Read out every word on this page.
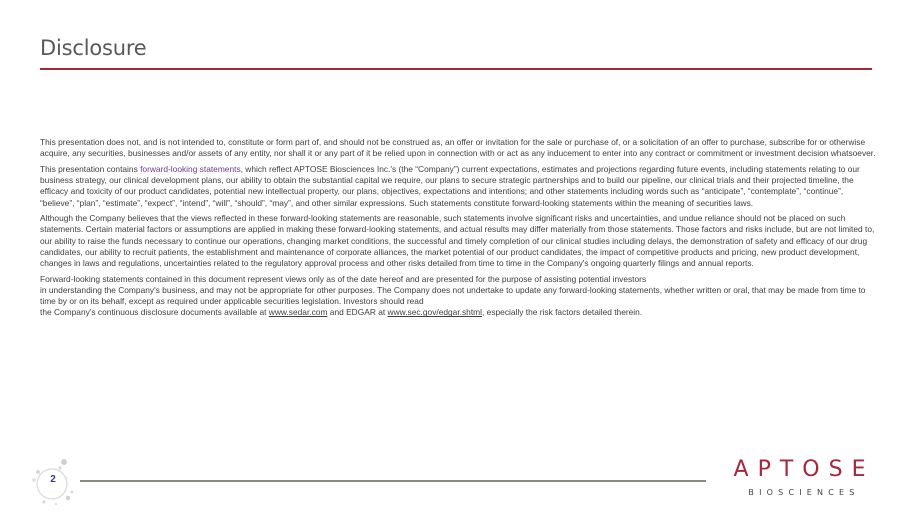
Disclosure

This presentation does not, and is not intended to, constitute or form part of, and should not be construed as, an offer or invitation for the sale or purchase of, or a solicitation of an offer to purchase, subscribe for or otherwise acquire, any securities, businesses and/or assets of any entity, nor shall it or any part of it be relied upon in connection with or act as any inducement to enter into any contract or commitment or investment decision whatsoever.

This presentation contains forward-looking statements, which reflect APTOSE Biosciences Inc.'s (the “Company”) current expectations, estimates and projections regarding future events, including statements relating to our business strategy, our clinical development plans, our ability to obtain the substantial capital we require, our plans to secure strategic partnerships and to build our pipeline, our clinical trials and their projected timeline, the efficacy and toxicity of our product candidates, potential new intellectual property, our plans, objectives, expectations and intentions; and other statements including words such as “anticipate”, “contemplate”, “continue”, “believe”, “plan”, “estimate”, “expect”, “intend”, “will”, “should”, “may”, and other similar expressions. Such statements constitute forward-looking statements within the meaning of securities laws.

Although the Company believes that the views reflected in these forward-looking statements are reasonable, such statements involve significant risks and uncertainties, and undue reliance should not be placed on such statements. Certain material factors or assumptions are applied in making these forward-looking statements, and actual results may differ materially from those statements. Those factors and risks include, but are not limited to, our ability to raise the funds necessary to continue our operations, changing market conditions, the successful and timely completion of our clinical studies including delays, the demonstration of safety and efficacy of our drug candidates, our ability to recruit patients, the establishment and maintenance of corporate alliances, the market potential of our product candidates, the impact of competitive products and pricing, new product development, changes in laws and regulations, uncertainties related to the regulatory approval process and other risks detailed from time to time in the Company's ongoing quarterly filings and annual reports.

Forward-looking statements contained in this document represent views only as of the date hereof and are presented for the purpose of assisting potential investors
in understanding the Company's business, and may not be appropriate for other purposes. The Company does not undertake to update any forward-looking statements, whether written or oral, that may be made from time to time by or on its behalf, except as required under applicable securities legislation. Investors should read
the Company's continuous disclosure documents available at www.sedar.com and EDGAR at www.sec.gov/edgar.shtml, especially the risk factors detailed therein.

2	APTOSE
BIOSCIENCES
